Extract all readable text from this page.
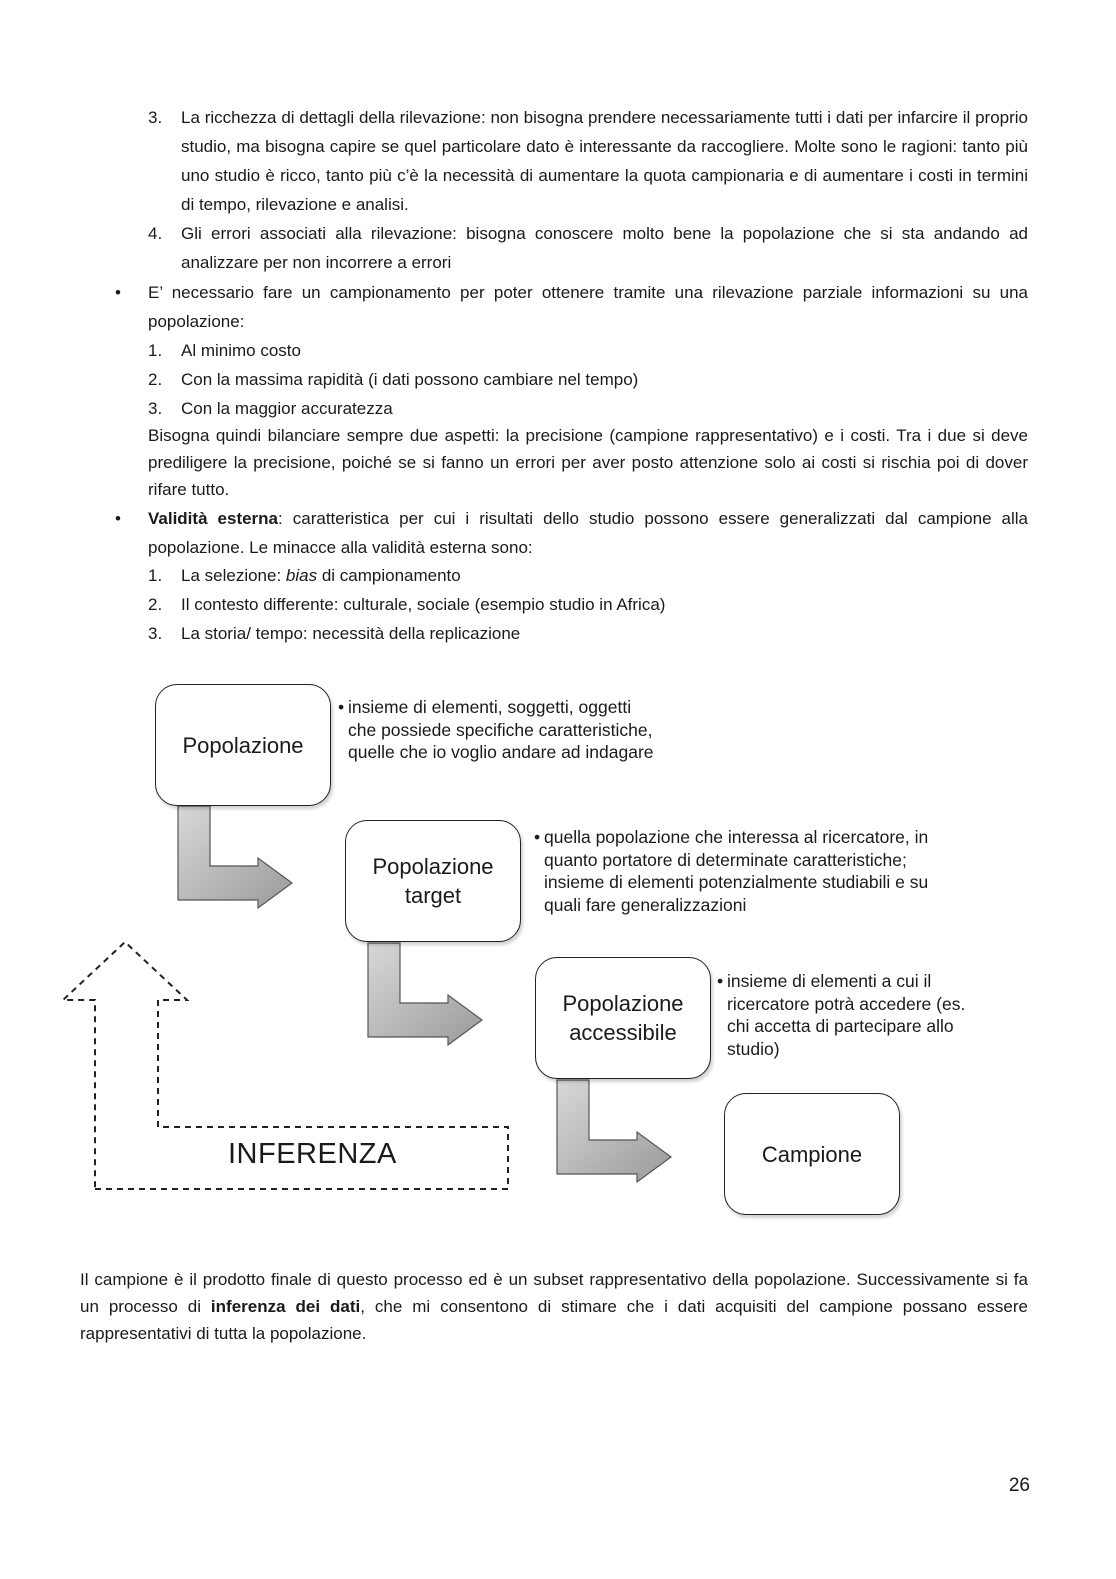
3. La ricchezza di dettagli della rilevazione: non bisogna prendere necessariamente tutti i dati per infarcire il proprio studio, ma bisogna capire se quel particolare dato è interessante da raccogliere. Molte sono le ragioni: tanto più uno studio è ricco, tanto più c’è la necessità di aumentare la quota campionaria e di aumentare i costi in termini di tempo, rilevazione e analisi.
4. Gli errori associati alla rilevazione: bisogna conoscere molto bene la popolazione che si sta andando ad analizzare per non incorrere a errori
• E’ necessario fare un campionamento per poter ottenere tramite una rilevazione parziale informazioni su una popolazione:
1. Al minimo costo
2. Con la massima rapidità (i dati possono cambiare nel tempo)
3. Con la maggior accuratezza
Bisogna quindi bilanciare sempre due aspetti: la precisione (campione rappresentativo) e i costi. Tra i due si deve prediligere la precisione, poiché se si fanno un errori per aver posto attenzione solo ai costi si rischia poi di dover rifare tutto.
• Validità esterna: caratteristica per cui i risultati dello studio possono essere generalizzati dal campione alla popolazione. Le minacce alla validità esterna sono:
1. La selezione: bias di campionamento
2. Il contesto differente: culturale, sociale (esempio studio in Africa)
3. La storia/ tempo: necessità della replicazione
Popolazione
Popolazione
target
Popolazione
accessibile
Campione
• insieme di elementi, soggetti, oggetti che possiede specifiche caratteristiche, quelle che io voglio andare ad indagare
• quella popolazione che interessa al ricercatore, in quanto portatore di determinate caratteristiche; insieme di elementi potenzialmente studiabili e su quali fare generalizzazioni
• insieme di elementi a cui il ricercatore potrà accedere (es. chi accetta di partecipare allo studio)
INFERENZA
Il campione è il prodotto finale di questo processo ed è un subset rappresentativo della popolazione. Successivamente si fa un processo di inferenza dei dati, che mi consentono di stimare che i dati acquisiti del campione possano essere rappresentativi di tutta la popolazione.
26
